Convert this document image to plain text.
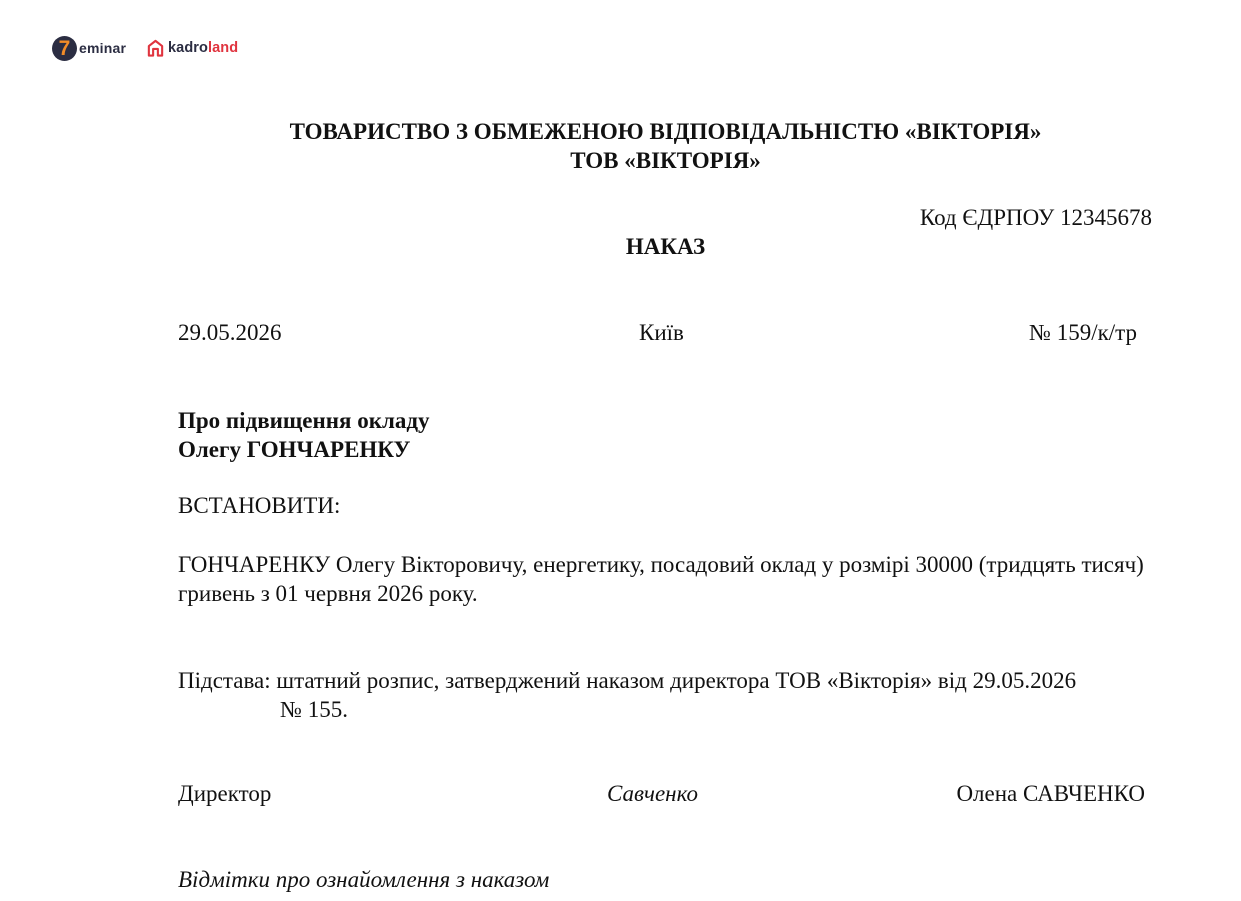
7 eminar	kadroland
ТОВАРИСТВО З ОБМЕЖЕНОЮ ВІДПОВІДАЛЬНІСТЮ «ВІКТОРІЯ»
ТОВ «ВІКТОРІЯ»
Код ЄДРПОУ 12345678
НАКАЗ
29.05.2026	Київ	№ 159/к/тр
Про підвищення окладу
Олегу ГОНЧАРЕНКУ
ВСТАНОВИТИ:
ГОНЧАРЕНКУ Олегу Вікторовичу, енергетику, посадовий оклад у розмірі 30000 (тридцять тисяч) гривень з 01 червня 2026 року.
Підстава: штатний розпис, затверджений наказом директора ТОВ «Вікторія» від 29.05.2026
№ 155.
Директор	Савченко	Олена САВЧЕНКО
Відмітки про ознайомлення з наказом
